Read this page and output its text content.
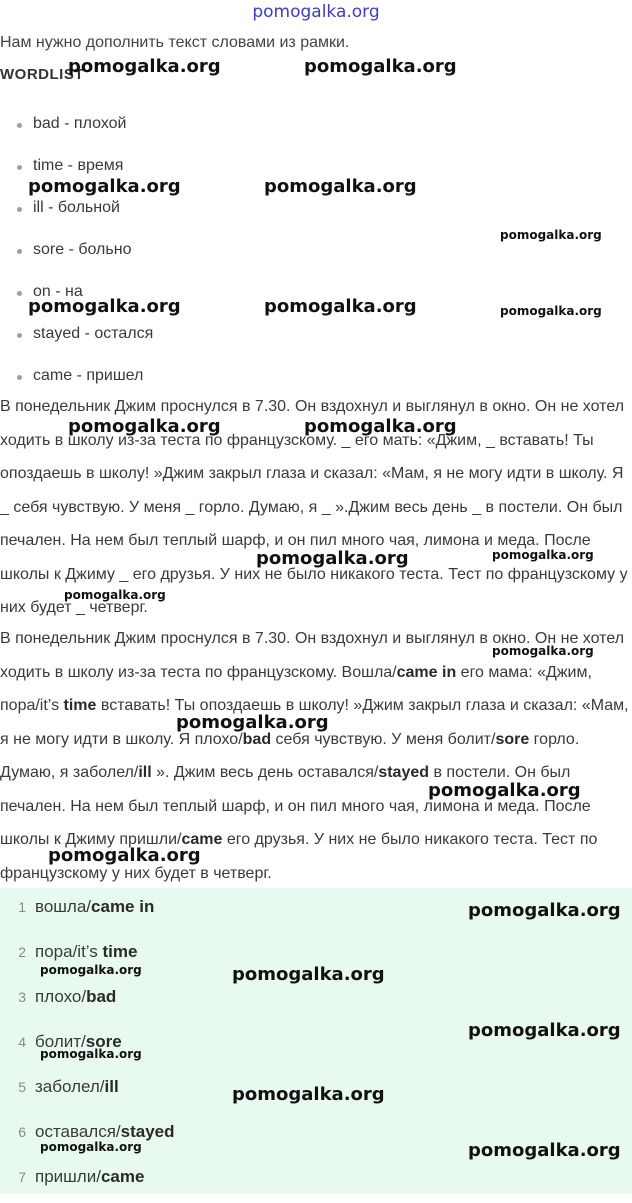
pomogalka.org
Нам нужно дополнить текст словами из рамки.
WORDLIST
bad - плохой
time - время
ill - больной
sore - больно
on - на
stayed - остался
came - пришел

В понедельник Джим проснулся в 7.30. Он вздохнул и выглянул в окно. Он не хотел ходить в школу из-за теста по французскому. _ его мать: «Джим, _ вставать! Ты опоздаешь в школу! »Джим закрыл глаза и сказал: «Мам, я не могу идти в школу. Я _ себя чувствую. У меня _ горло. Думаю, я _ ».Джим весь день _ в постели. Он был печален. На нем был теплый шарф, и он пил много чая, лимона и меда. После школы к Джиму _ его друзья. У них не было никакого теста. Тест по французскому у них будет _ четверг.

В понедельник Джим проснулся в 7.30. Он вздохнул и выглянул в окно. Он не хотел ходить в школу из-за теста по французскому. Вошла/came in его мама: «Джим, пора/it’s time вставать! Ты опоздаешь в школу! »Джим закрыл глаза и сказал: «Мам, я не могу идти в школу. Я плохо/bad себя чувствую. У меня болит/sore горло. Думаю, я заболел/ill ». Джим весь день оставался/stayed в постели. Он был печален. На нем был теплый шарф, и он пил много чая, лимона и меда. После школы к Джиму пришли/came его друзья. У них не было никакого теста. Тест по французскому у них будет в четверг.

1 вошла/came in
2 пора/it’s time
3 плохо/bad
4 болит/sore
5 заболел/ill
6 оставался/stayed
7 пришли/came
pomogalka.org	pomogalka.org
pomogalka.org	pomogalka.org
pomogalka.org
pomogalka.org	pomogalka.org	pomogalka.org
pomogalka.org	pomogalka.org
pomogalka.org	pomogalka.org
pomogalka.org
pomogalka.org
pomogalka.org
pomogalka.org
pomogalka.org
pomogalka.org
pomogalka.org	pomogalka.org
pomogalka.org
pomogalka.org
pomogalka.org
pomogalka.org	pomogalka.org
